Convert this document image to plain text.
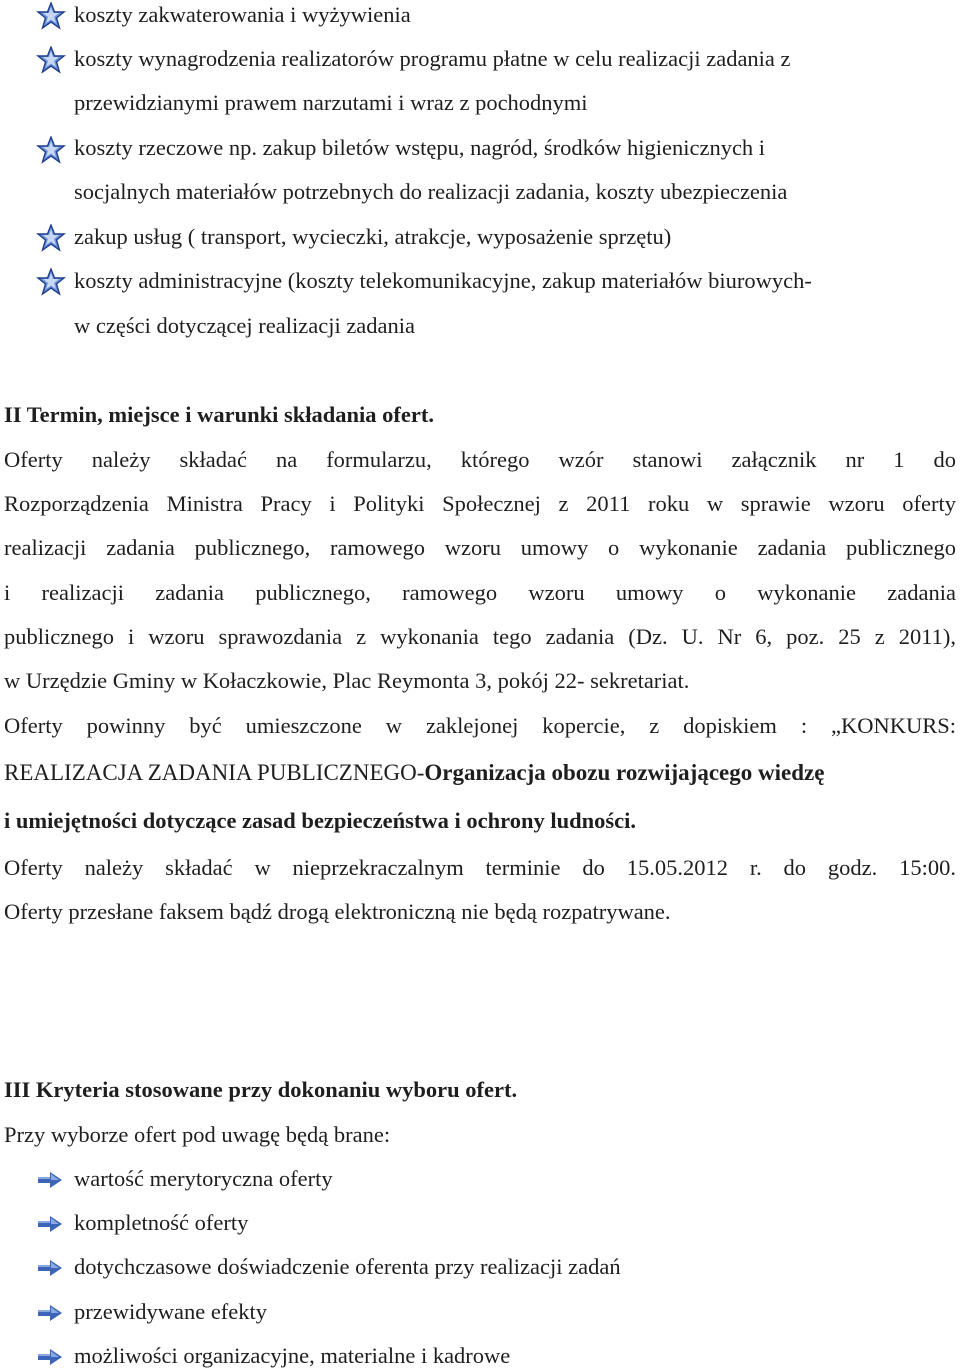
koszty zakwaterowania i wyżywienia
koszty wynagrodzenia realizatorów programu płatne w celu realizacji zadania z
przewidzianymi prawem narzutami i wraz z pochodnymi
koszty rzeczowe np. zakup biletów wstępu, nagród, środków higienicznych i
socjalnych materiałów potrzebnych do realizacji zadania, koszty ubezpieczenia
zakup usług ( transport, wycieczki, atrakcje, wyposażenie sprzętu)
koszty administracyjne (koszty telekomunikacyjne, zakup materiałów biurowych-
w części dotyczącej realizacji zadania
II Termin, miejsce i warunki składania ofert.
Oferty należy składać na formularzu, którego wzór stanowi załącznik nr 1 do
Rozporządzenia Ministra Pracy i Polityki Społecznej z 2011 roku w sprawie wzoru oferty
realizacji zadania publicznego, ramowego wzoru umowy o wykonanie zadania publicznego
i realizacji zadania publicznego, ramowego wzoru umowy o wykonanie zadania
publicznego i wzoru sprawozdania z wykonania tego zadania (Dz. U. Nr 6, poz. 25 z 2011),
w Urzędzie Gminy w Kołaczkowie, Plac Reymonta 3, pokój 22- sekretariat.
Oferty powinny być umieszczone w zaklejonej kopercie, z dopiskiem : „KONKURS:
REALIZACJA ZADANIA PUBLICZNEGO-Organizacja obozu rozwijającego wiedzę
i umiejętności dotyczące zasad bezpieczeństwa i ochrony ludności.
Oferty należy składać w nieprzekraczalnym terminie do 15.05.2012 r. do godz. 15:00.
Oferty przesłane faksem bądź drogą elektroniczną nie będą rozpatrywane.
III Kryteria stosowane przy dokonaniu wyboru ofert.
Przy wyborze ofert pod uwagę będą brane:
wartość merytoryczna oferty
kompletność oferty
dotychczasowe doświadczenie oferenta przy realizacji zadań
przewidywane efekty
możliwości organizacyjne, materialne i kadrowe
